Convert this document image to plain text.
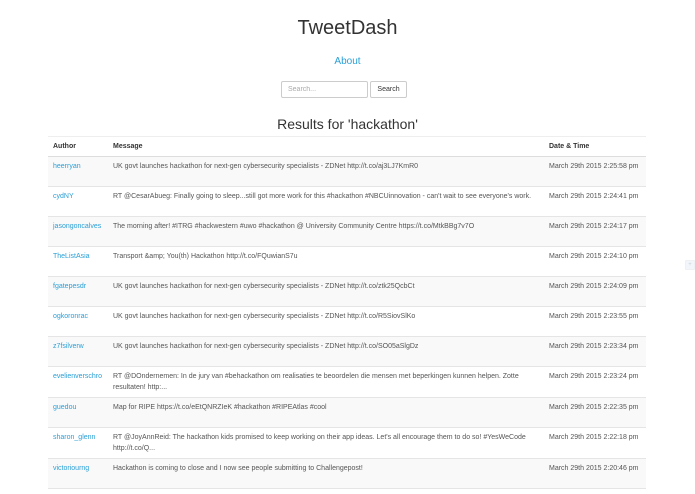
TweetDash
About
Search...
Search
Results for 'hackathon'
Author	Message	Date & Time
heerryan	UK govt launches hackathon for next-gen cybersecurity specialists - ZDNet http://t.co/aj3LJ7KmR0	March 29th 2015 2:25:58 pm
cydNY	RT @CesarAbueg: Finally going to sleep...still got more work for this #hackathon #NBCUinnovation - can't wait to see everyone's work.	March 29th 2015 2:24:41 pm
jasongoncalves	The morning after! #ITRG #hackwestern #uwo #hackathon @ University Community Centre https://t.co/MtkBBg7v7O	March 29th 2015 2:24:17 pm
TheListAsia	Transport &amp; You(th) Hackathon http://t.co/FQuwianS7u	March 29th 2015 2:24:10 pm
fgatepesdr	UK govt launches hackathon for next-gen cybersecurity specialists - ZDNet http://t.co/ztk25QcbCt	March 29th 2015 2:24:09 pm
ogkoronrac	UK govt launches hackathon for next-gen cybersecurity specialists - ZDNet http://t.co/R5SiovSlKo	March 29th 2015 2:23:55 pm
z7fsilverw	UK govt launches hackathon for next-gen cybersecurity specialists - ZDNet http://t.co/SO05aSlgDz	March 29th 2015 2:23:34 pm
evelienverschro	RT @DOndernemen: In de jury van #behackathon om realisaties te beoordelen die mensen met beperkingen kunnen helpen. Zotte resultaten! http:...	March 29th 2015 2:23:24 pm
guedou	Map for RIPE https://t.co/eEtQNRZIeK #hackathon #RIPEAtlas #cool	March 29th 2015 2:22:35 pm
sharon_glenn	RT @JoyAnnReid: The hackathon kids promised to keep working on their app ideas. Let's all encourage them to do so! #YesWeCode http://t.co/Q...	March 29th 2015 2:22:18 pm
victoriourng	Hackathon is coming to close and I now see people submitting to Challengepost!	March 29th 2015 2:20:46 pm
+
